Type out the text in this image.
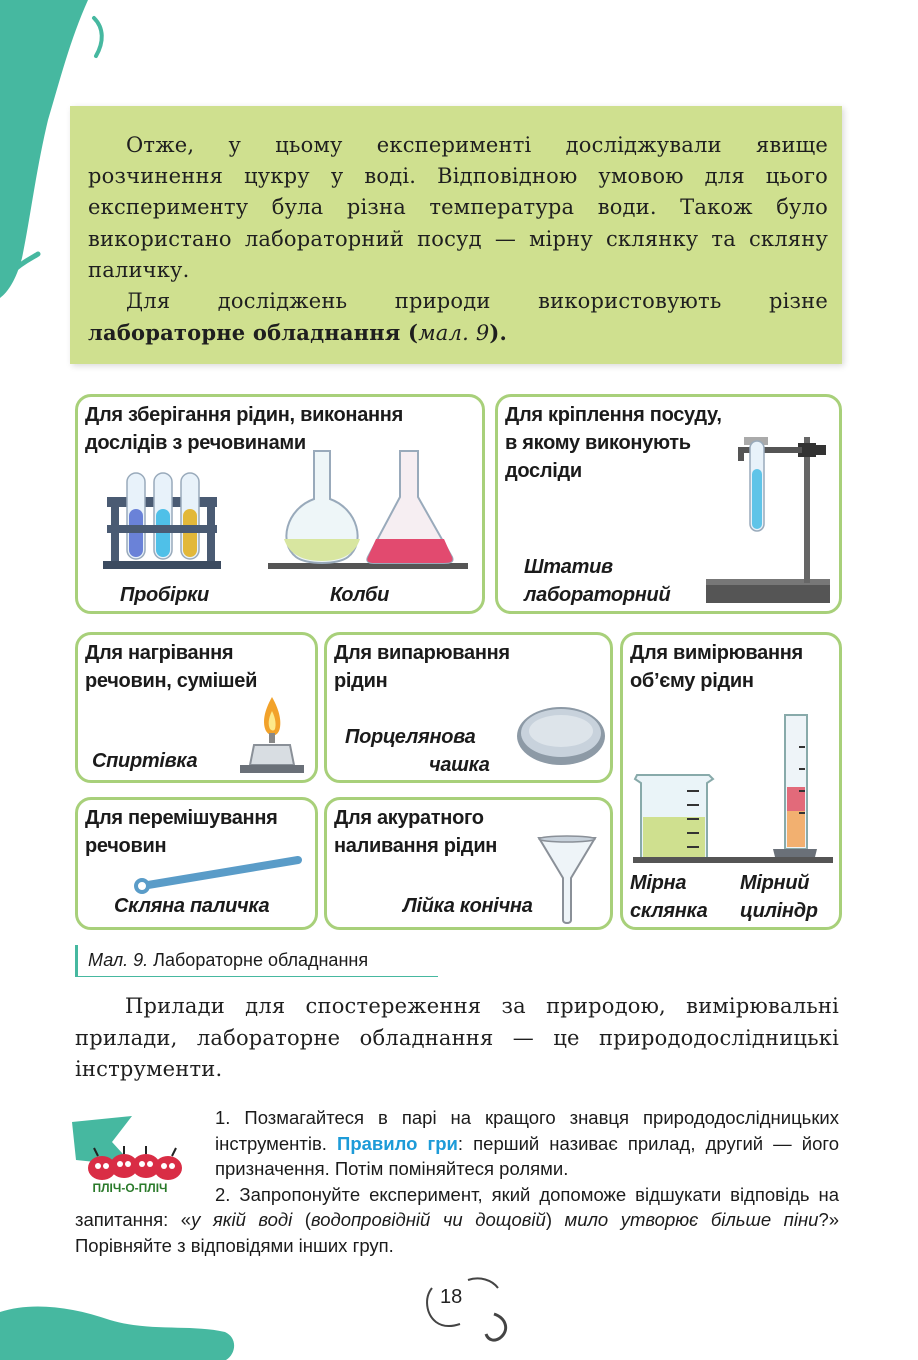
Отже, у цьому експерименті досліджували явище розчинення цукру у воді. Відповідною умовою для цього експерименту була різна температура води. Також було використано лабораторний посуд — мірну склянку та скляну паличку.

Для досліджень природи використовують різне лабораторне обладнання (мал. 9).

Для зберігання рідин, виконання
дослідів з речовинами
Пробірки	Колби
Для кріплення посуду,
в якому виконують
досліди
Штатив
лабораторний
Для нагрівання
речовин, сумішей
Спиртівка
Для випарювання
рідин
Порцелянова
чашка
Для вимірювання
об’єму рідин
Мірна
склянка
Мірний
циліндр
Для перемішування
речовин
Скляна паличка
Для акуратного
наливання рідин
Лійка конічна
Мал. 9. Лабораторне обладнання
Прилади для спостереження за природою, вимірювальні прилади, лабораторне обладнання — це природодослідницькі інструменти.
ПЛІЧ-О-ПЛІЧ
1. Позмагайтеся в парі на кращого знавця природодослідницьких інструментів. Правило гри: перший називає прилад, другий — його призначення. Потім поміняйтеся ролями.
2. Запропонуйте експеримент, який допоможе відшукати відповідь на запитання: «у якій воді (водопровідній чи дощовій) мило утворює більше піни?» Порівняйте з відповідями інших груп.
18
